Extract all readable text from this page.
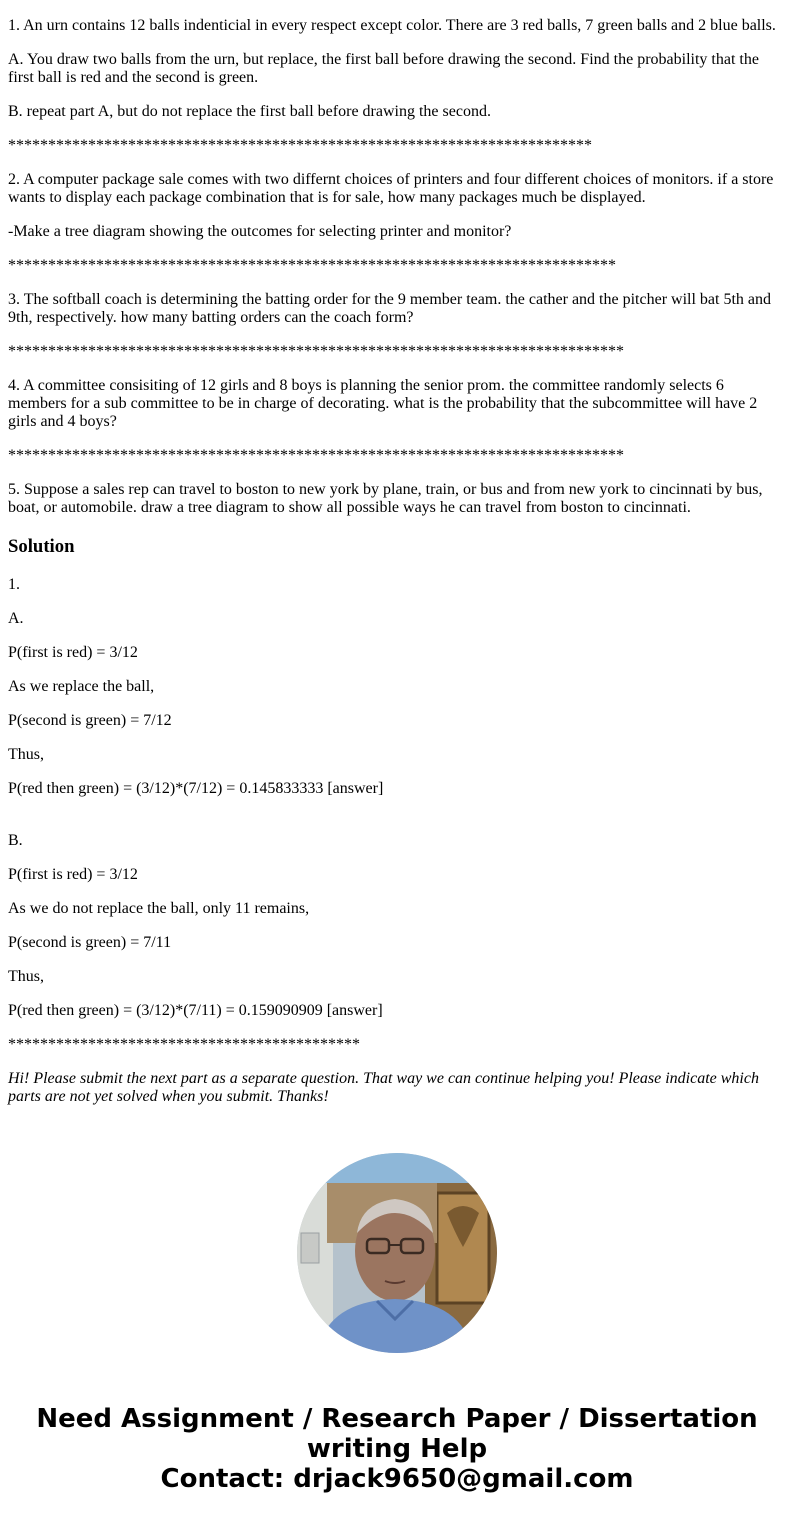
1. An urn contains 12 balls indenticial in every respect except color. There are 3 red balls, 7 green balls and 2 blue balls.

A. You draw two balls from the urn, but replace, the first ball before drawing the second. Find the probability that the first ball is red and the second is green.

B. repeat part A, but do not replace the first ball before drawing the second.

*************************************************************************

2. A computer package sale comes with two differnt choices of printers and four different choices of monitors. if a store wants to display each package combination that is for sale, how many packages much be displayed.

-Make a tree diagram showing the outcomes for selecting printer and monitor?

****************************************************************************

3. The softball coach is determining the batting order for the 9 member team. the cather and the pitcher will bat 5th and 9th, respectively. how many batting orders can the coach form?

*****************************************************************************

4. A committee consisiting of 12 girls and 8 boys is planning the senior prom. the committee randomly selects 6 members for a sub committee to be in charge of decorating. what is the probability that the subcommittee will have 2 girls and 4 boys?

*****************************************************************************

5. Suppose a sales rep can travel to boston to new york by plane, train, or bus and from new york to cincinnati by bus, boat, or automobile. draw a tree diagram to show all possible ways he can travel from boston to cincinnati.

Solution

1.

A.

P(first is red) = 3/12

As we replace the ball,

P(second is green) = 7/12

Thus,

P(red then green) = (3/12)*(7/12) = 0.145833333 [answer]

B.

P(first is red) = 3/12

As we do not replace the ball, only 11 remains,

P(second is green) = 7/11

Thus,

P(red then green) = (3/12)*(7/11) = 0.159090909 [answer]

********************************************

Hi! Please submit the next part as a separate question. That way we can continue helping you! Please indicate which parts are not yet solved when you submit. Thanks!

Need Assignment / Research Paper / Dissertation writing Help
Contact: drjack9650@gmail.com
